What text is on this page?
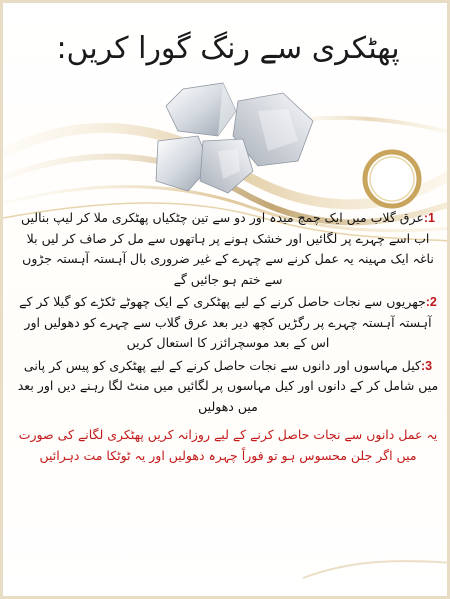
پھٹکری سے رنگ گورا کریں:

1:عرق گلاب میں ایک چمچ میدہ اور دو سے تین چٹکیاں پھٹکری ملا کر لیپ بنالیں اب اسے چہرے پر لگائیں اور خشک ہونے پر ہاتھوں سے مل کر صاف کر لیں بلا ناغہ ایک مہینہ یہ عمل کرنے سے چہرے کے غیر ضروری بال آہستہ آہستہ جڑوں سے ختم ہو جائیں گے

2:جھریوں سے نجات حاصل کرنے کے لیے پھٹکری کے ایک چھوٹے ٹکڑے کو گیلا کر کے آہستہ آہستہ چہرے پر رگڑیں کچھ دیر بعد عرق گلاب سے چہرے کو دھولیں اور اس کے بعد موسچرائزر کا استعال کریں

3:کیل مہاسوں اور دانوں سے نجات حاصل کرنے کے لیے پھٹکری کو پیس کر پانی میں شامل کر کے دانوں اور کیل مہاسوں پر لگائیں میں منٹ لگا رہنے دیں اور بعد میں دھولیں

یہ عمل دانوں سے نجات حاصل کرنے کے لیے روزانہ کریں پھٹکری لگانے کی صورت میں اگر جلن محسوس ہو تو فوراً چہرہ دھولیں اور یہ ٹوٹکا مت دہرائیں
